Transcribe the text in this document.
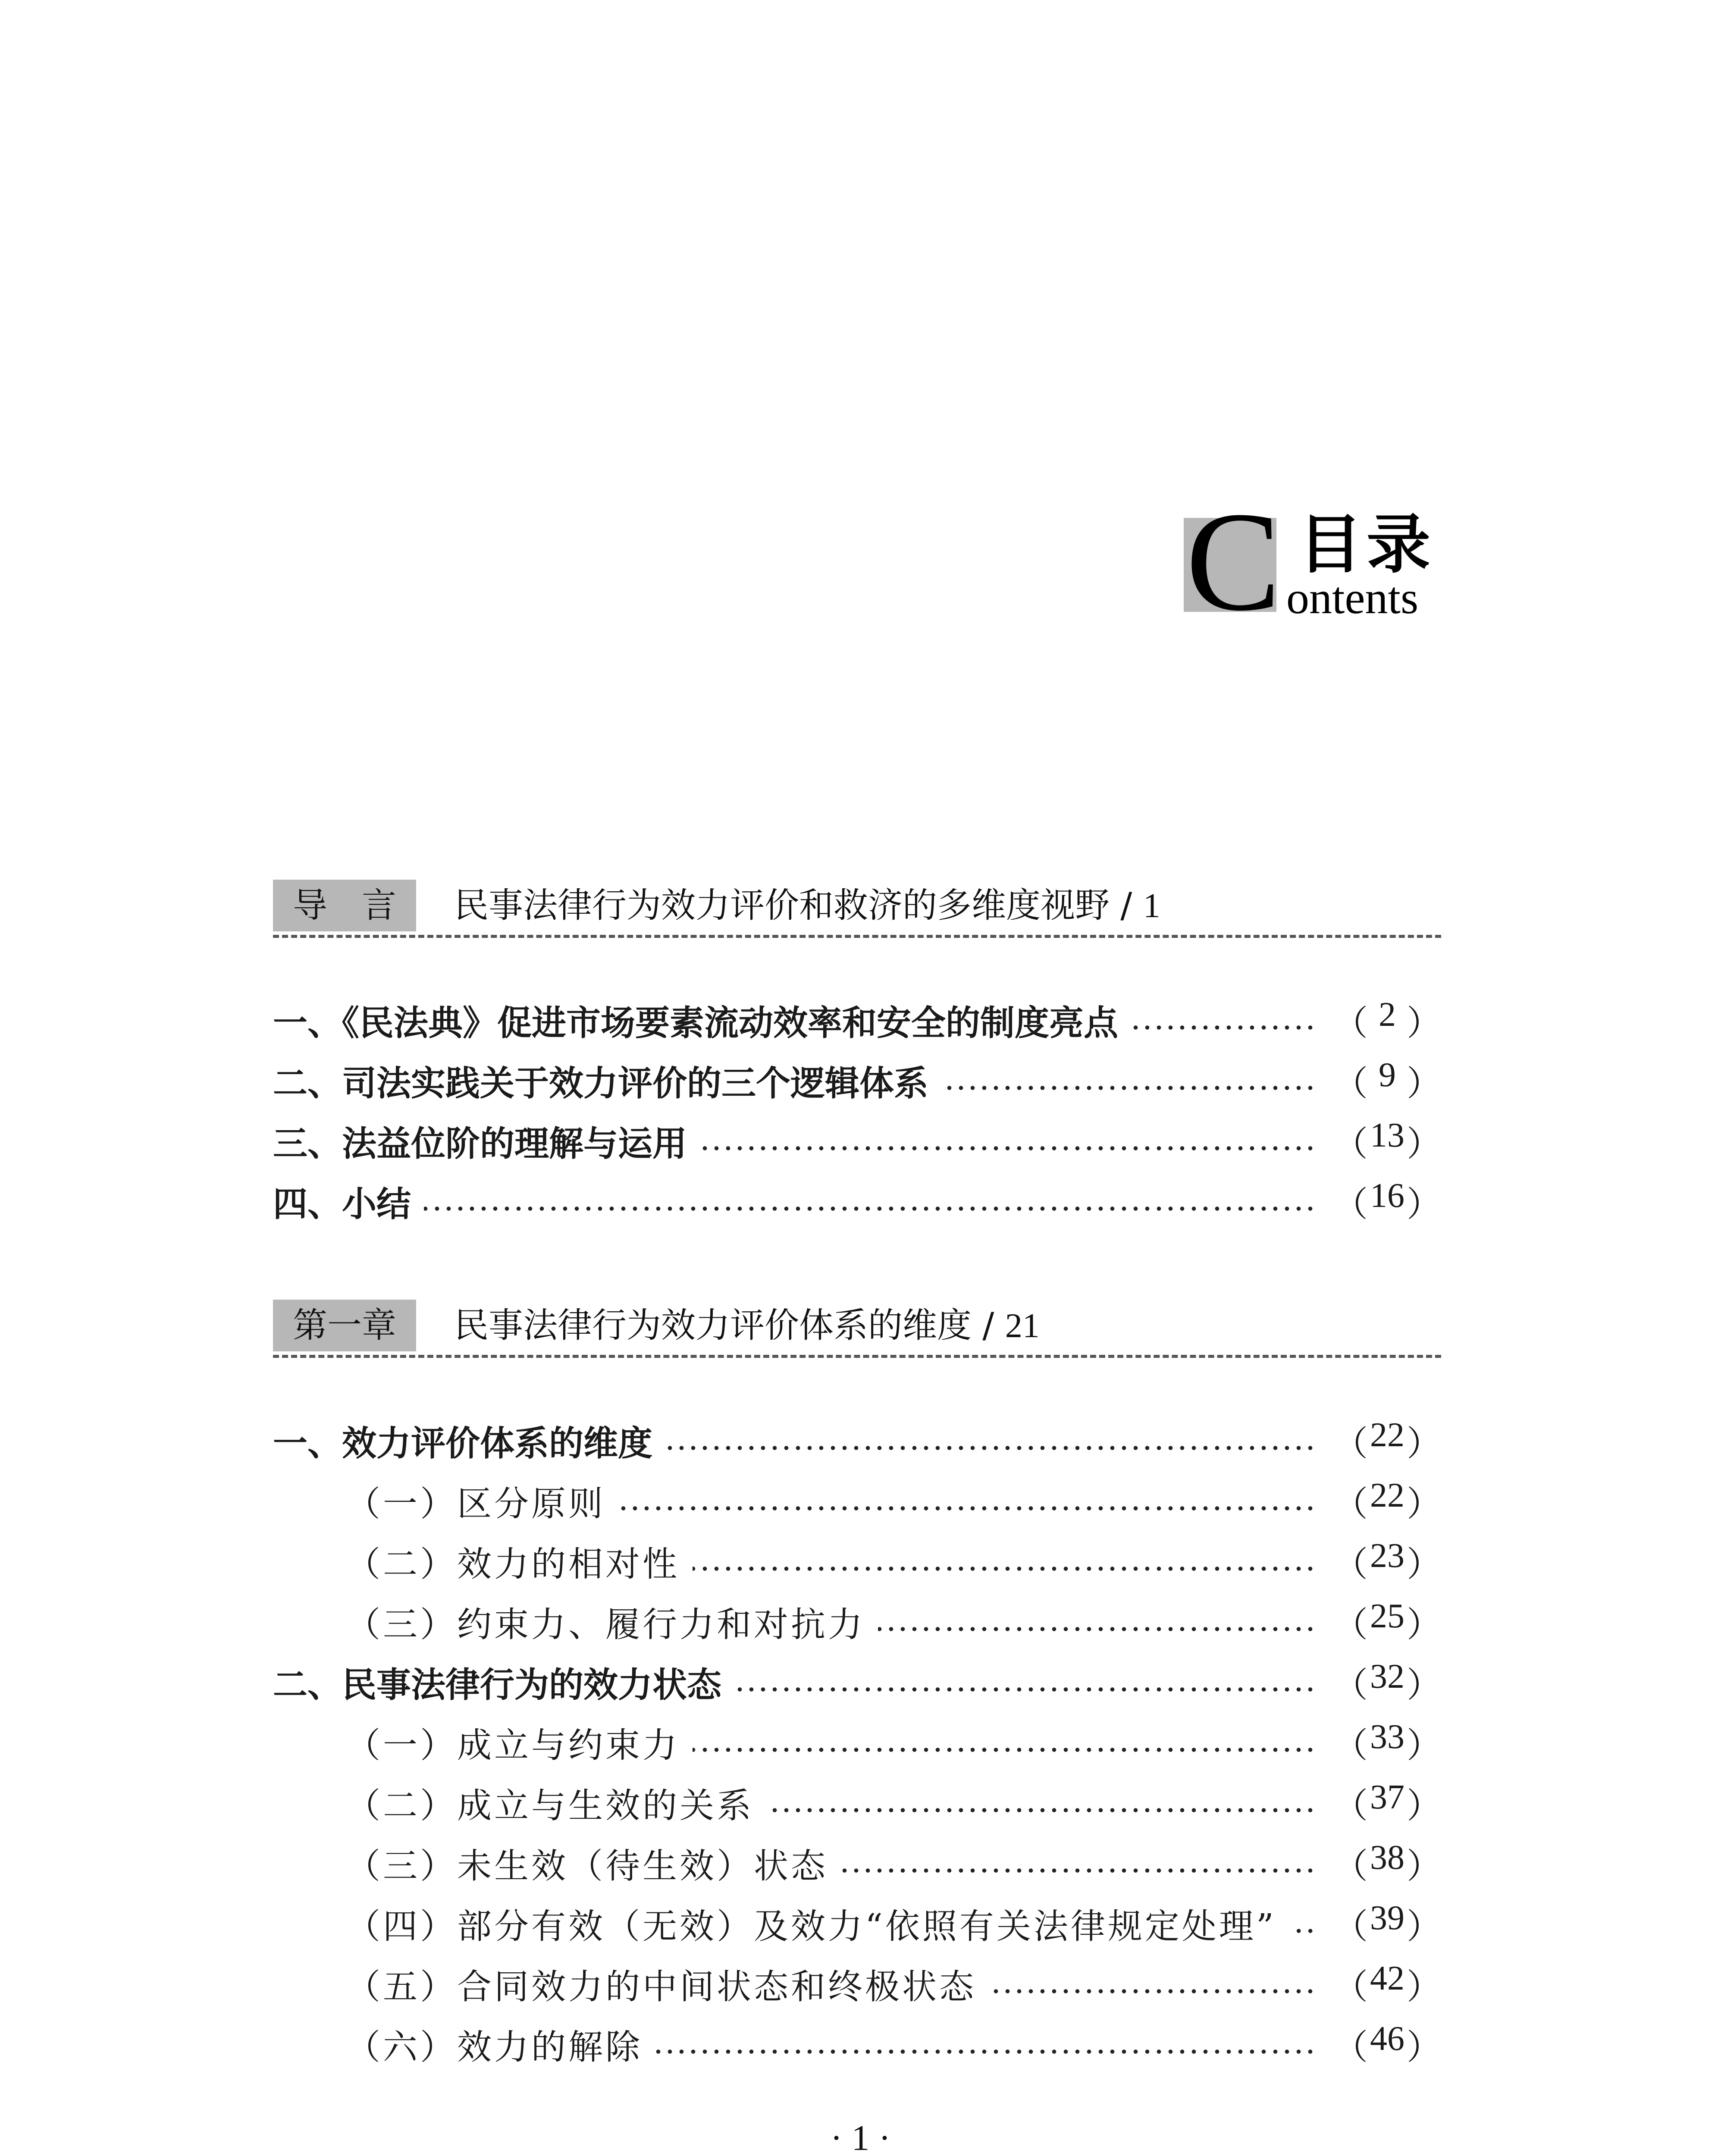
C 目录
ontents
导　言	民事法律行为效力评价和救济的多维度视野 / 1
一、《民法典》促进市场要素流动效率和安全的制度亮点	（ 2 ）
二、司法实践关于效力评价的三个逻辑体系	（ 9 ）
三、法益位阶的理解与运用	（ 13 ）
四、小结	（ 16 ）
第一章	民事法律行为效力评价体系的维度 / 21
一、效力评价体系的维度	（ 22 ）
（一）区分原则	（ 22 ）
（二）效力的相对性	（ 23 ）
（三）约束力、履行力和对抗力	（ 25 ）
二、民事法律行为的效力状态	（ 32 ）
（一）成立与约束力	（ 33 ）
（二）成立与生效的关系	（ 37 ）
（三）未生效（待生效）状态	（ 38 ）
（四）部分有效（无效）及效力“依照有关法律规定处理”	（ 39 ）
（五）合同效力的中间状态和终极状态	（ 42 ）
（六）效力的解除	（ 46 ）
· 1 ·
